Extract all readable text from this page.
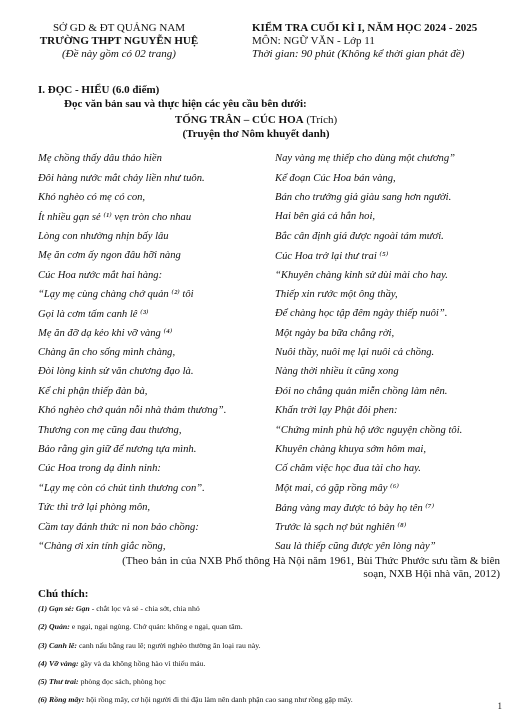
SỞ GD & ĐT QUẢNG NAM
TRƯỜNG THPT NGUYỄN HUỆ
(Đề này gồm có 02 trang)
KIỂM TRA CUỐI KÌ I, NĂM HỌC 2024 - 2025
MÔN: NGỮ VĂN - Lớp 11
Thời gian: 90 phút (Không kể thời gian phát đề)
I. ĐỌC - HIỂU (6.0 điểm)
Đọc văn bản sau và thực hiện các yêu cầu bên dưới:
TỐNG TRÂN – CÚC HOA (Trích)
(Truyện thơ Nôm khuyết danh)
Mẹ chồng thấy dâu thảo hiền	Nay vàng mẹ thiếp cho dùng một chương”
Đôi hàng nước mắt chảy liền như tuôn.	Kể đoạn Cúc Hoa bán vàng,
Khó nghèo có mẹ có con,	Bán cho trưởng giả giàu sang hơn người.
Ít nhiều gạn sẻ ⁽¹⁾ vẹn tròn cho nhau	Hai bên giá cả hẳn hoi,
Lòng con nhường nhịn bấy lâu	Bắc cân định giá được ngoài tám mươi.
Mẹ ăn cơm ấy ngon đâu hỡi nàng	Cúc Hoa trở lại thư trai ⁽⁵⁾
Cúc Hoa nước mắt hai hàng:	“Khuyên chàng kinh sử dùi mài cho hay.
“Lạy mẹ cùng chàng chớ quản ⁽²⁾ tôi	Thiếp xin rước một ông thầy,
Gọi là cơm tấm canh lê ⁽³⁾	Để chàng học tập đêm ngày thiếp nuôi”.
Mẹ ăn đỡ dạ kẻo khi vỡ vàng ⁽⁴⁾	Một ngày ba bữa chẳng rời,
Chàng ăn cho sống mình chàng,	Nuôi thầy, nuôi mẹ lại nuôi cả chồng.
Đòi lòng kinh sử văn chương đạo là.	Nàng thời nhiều ít cũng xong
Kể chi phận thiếp đàn bà,	Đói no chẳng quản miễn chồng làm nên.
Khó nghèo chớ quản nỗi nhà thảm thương”.	Khấn trời lạy Phật đôi phen:
Thương con mẹ cũng đau thương,	“Chứng minh phù hộ ước nguyện chồng tôi.
Bảo rằng gìn giữ để nương tựa mình.	Khuyên chàng khuya sớm hôm mai,
Cúc Hoa trong dạ đinh ninh:	Cố chăm việc học đua tài cho hay.
“Lạy mẹ còn có chút tình thương con”.	Một mai, có gặp rồng mây ⁽⁶⁾
Tức thì trở lại phòng môn,	Bảng vàng may được tỏ bày họ tên ⁽⁷⁾
Cầm tay đánh thức ni non bảo chồng:	Trước là sạch nợ bút nghiên ⁽⁸⁾
“Chàng ơi xin tính giắc nồng,	Sau là thiếp cũng được yên lòng này”
(Theo bản in của NXB Phổ thông Hà Nội năm 1961, Bùi Thức Phước sưu tầm & biên
soạn, NXB Hội nhà văn, 2012)
Chú thích:
(1) Gạn sẻ: Gạn - chắt lọc và sẻ - chia sớt, chia nhỏ
(2) Quản: e ngại, ngại ngùng. Chớ quản: không e ngại, quan tâm.
(3) Canh lê: canh nấu bằng rau lê; người nghèo thường ăn loại rau này.
(4) Vỡ vàng: gầy và da không hồng hào vì thiếu máu.
(5) Thư trai: phòng đọc sách, phòng học
(6) Rồng mây: hội rồng mây, cơ hội người đi thi đậu làm nên danh phận cao sang như rồng gặp mây.
1
